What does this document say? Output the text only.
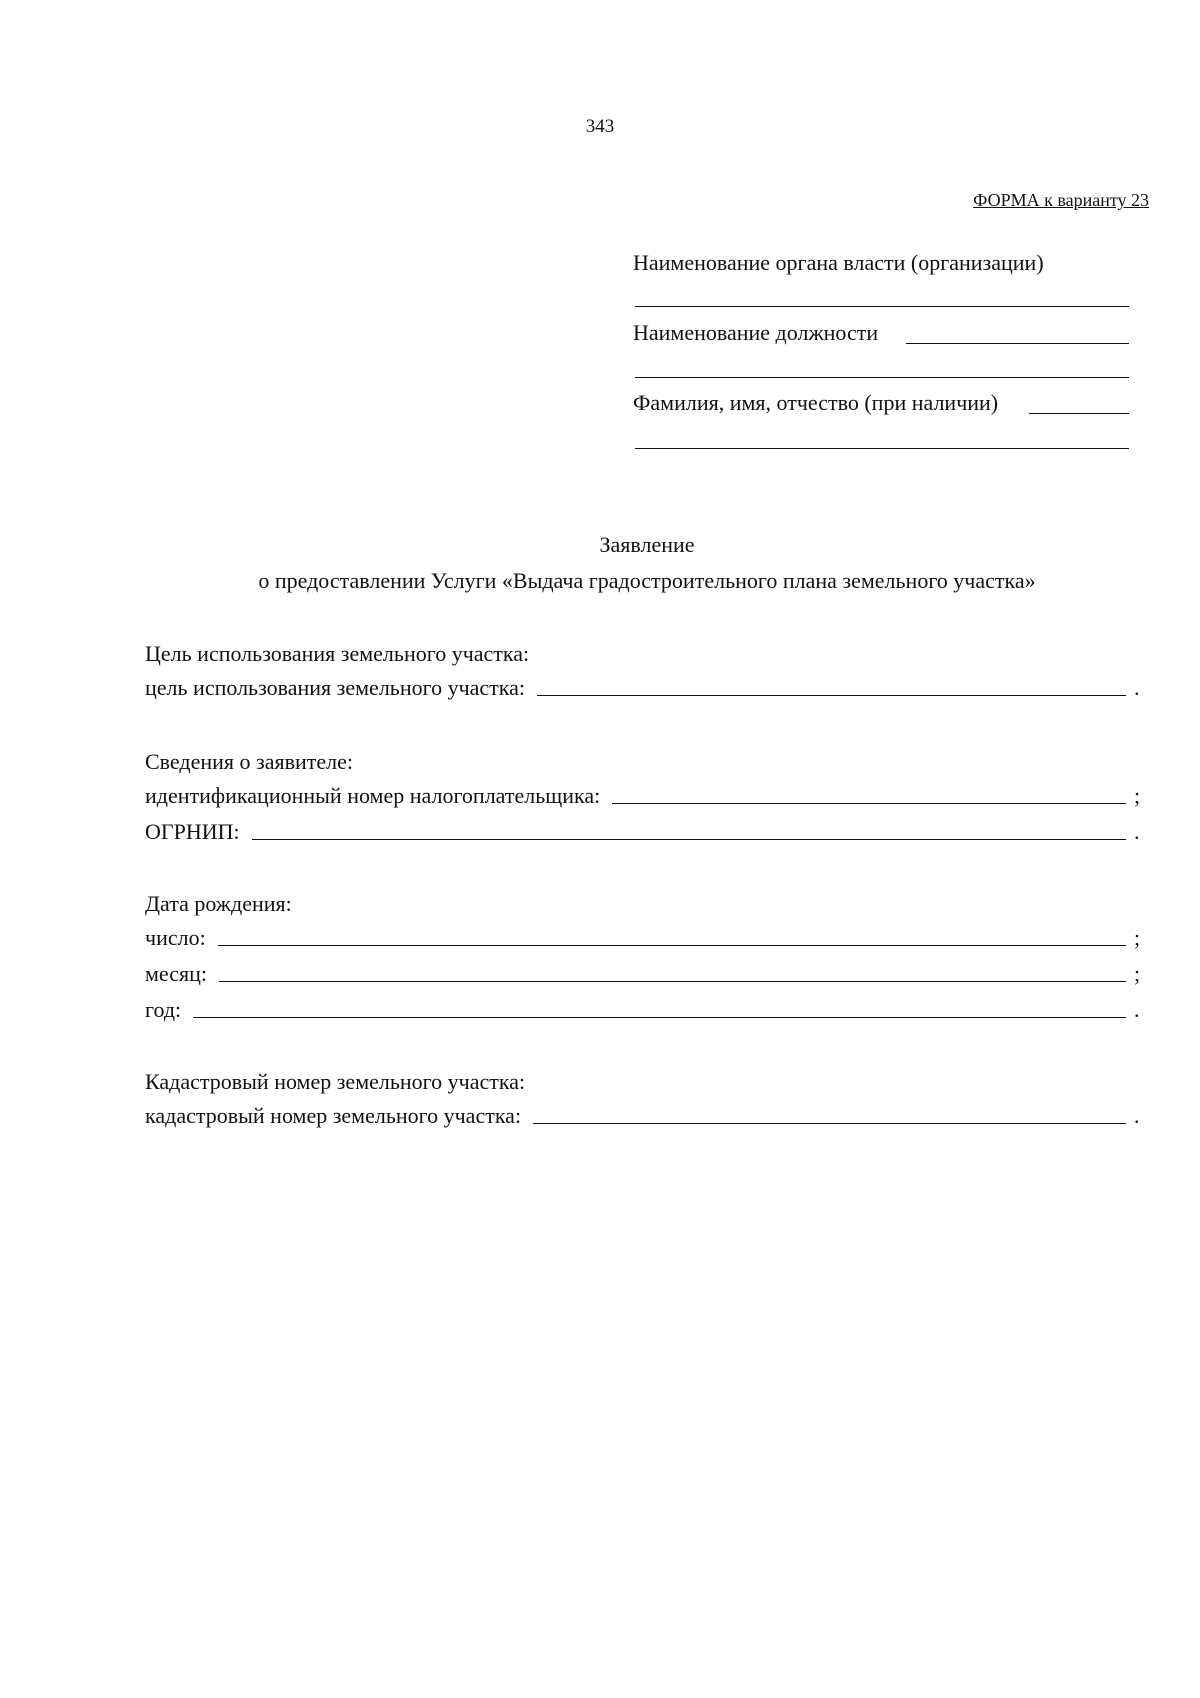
343
ФОРМА к варианту 23
Наименование органа власти (организации)
Наименование должности
Фамилия, имя, отчество (при наличии)
Заявление
о предоставлении Услуги «Выдача градостроительного плана земельного участка»
Цель использования земельного участка:
цель использования земельного участка:	.
Сведения о заявителе:
идентификационный номер налогоплательщика:	;
ОГРНИП:	.
Дата рождения:
число:	;
месяц:	;
год:	.
Кадастровый номер земельного участка:
кадастровый номер земельного участка:	.
